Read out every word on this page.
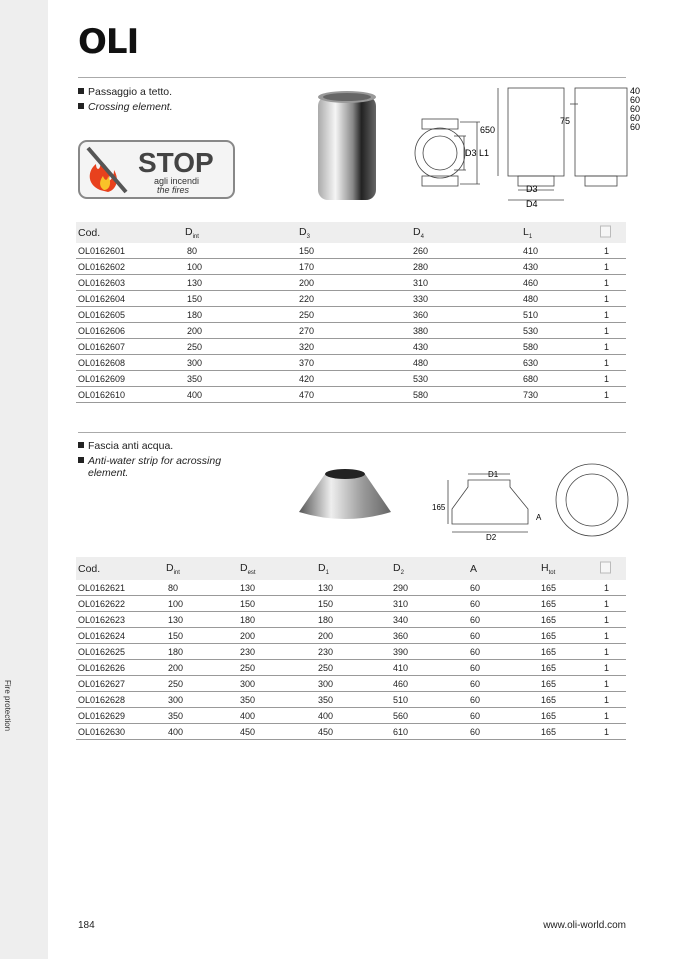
Fire protection
OLI
Passaggio a tetto.
Crossing element.
STOP
agli incendi
the fires
650
D3 L1
D3
D4
75
40
60
60
60
60
Cod.	$D_{int}$	$D_3$	$D_4$	$L_1$
OL0162601	80	150	260	410	1
OL0162602	100	170	280	430	1
OL0162603	130	200	310	460	1
OL0162604	150	220	330	480	1
OL0162605	180	250	360	510	1
OL0162606	200	270	380	530	1
OL0162607	250	320	430	580	1
OL0162608	300	370	480	630	1
OL0162609	350	420	530	680	1
OL0162610	400	470	580	730	1
Fascia anti acqua.
Anti-water strip for acrossing element.	D1
165
A
D2
Cod.	$D_{int}$	$D_{est}$	$D_1$	$D_2$	A	$H_{tot}$
OL0162621	80	130	130	290	60	165	1
OL0162622	100	150	150	310	60	165	1
OL0162623	130	180	180	340	60	165	1
OL0162624	150	200	200	360	60	165	1
OL0162625	180	230	230	390	60	165	1
OL0162626	200	250	250	410	60	165	1
OL0162627	250	300	300	460	60	165	1
OL0162628	300	350	350	510	60	165	1
OL0162629	350	400	400	560	60	165	1
OL0162630	400	450	450	610	60	165	1
184	www.oli-world.com
